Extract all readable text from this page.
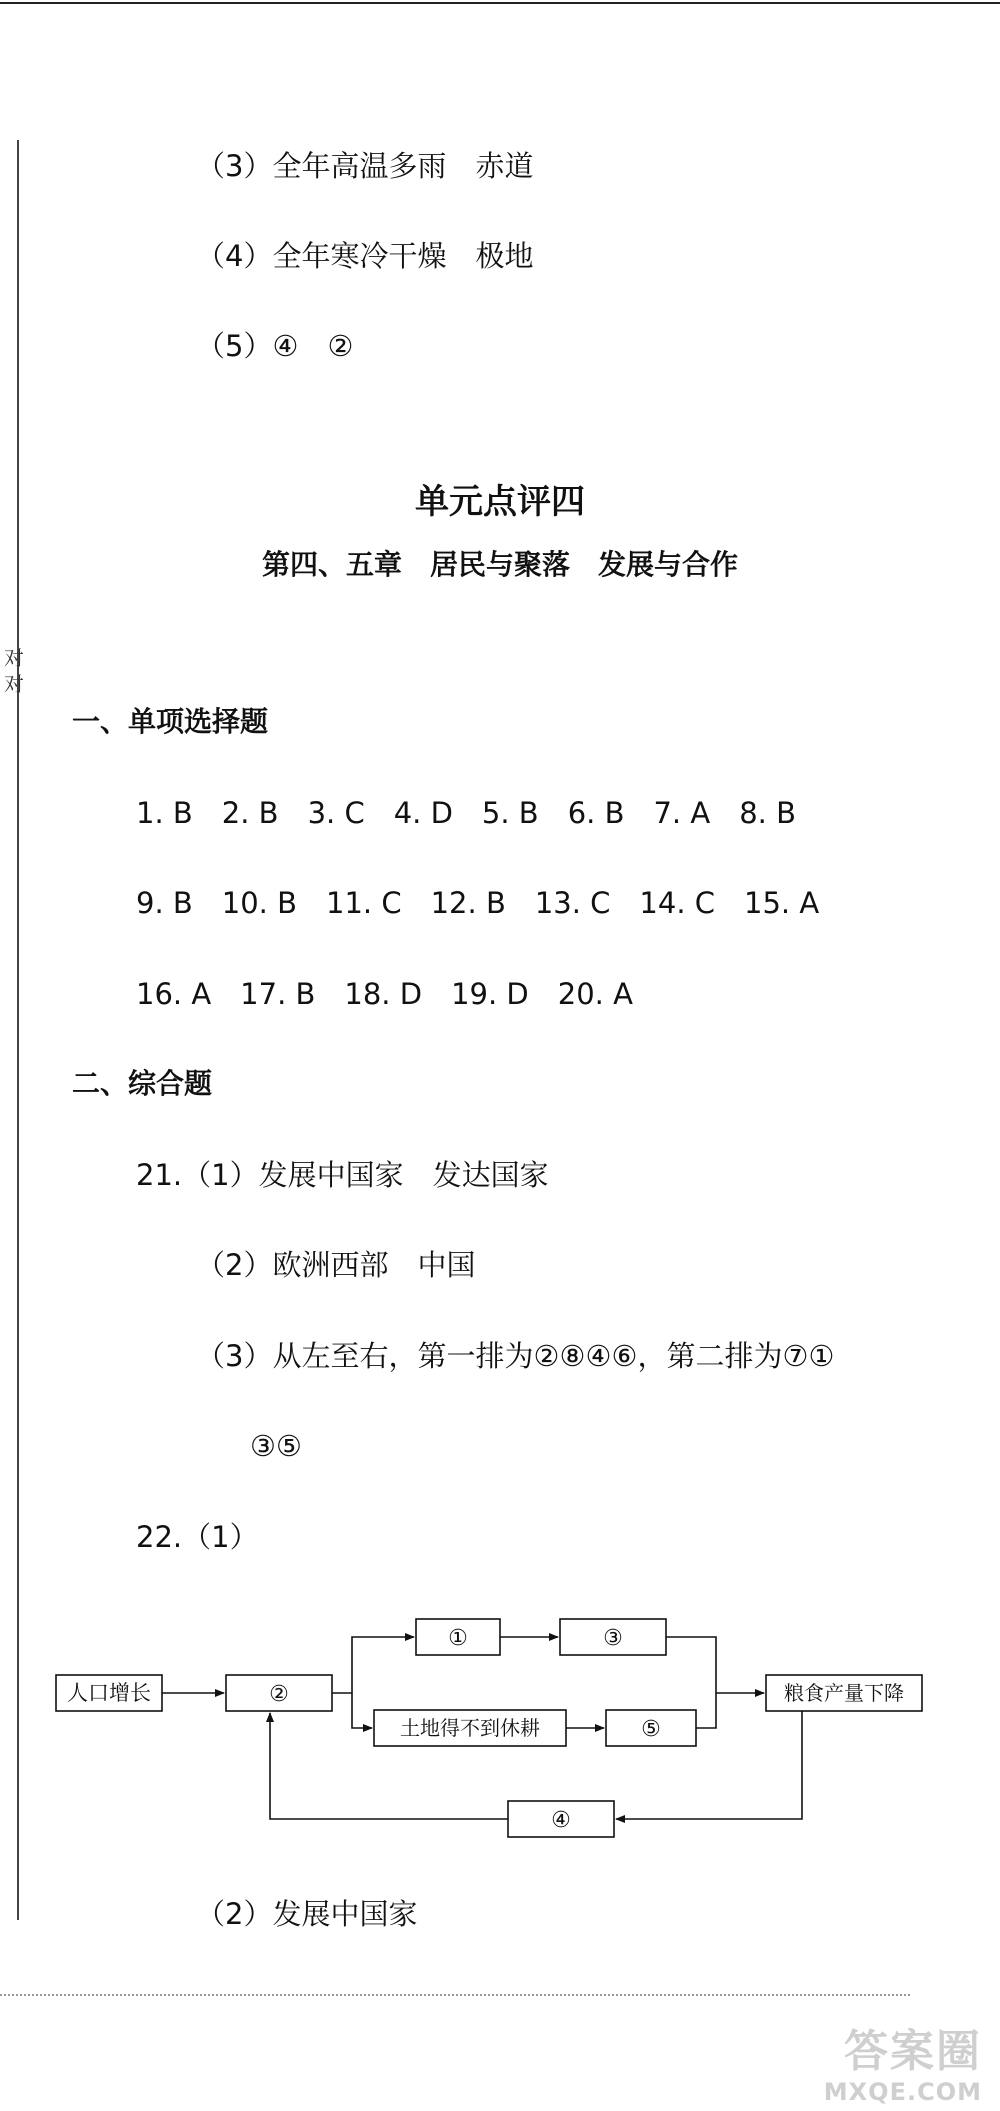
对对
（3）全年高温多雨　赤道
（4）全年寒冷干燥　极地
（5）④　②
单元点评四
第四、五章　居民与聚落　发展与合作
一、单项选择题
1. B　2. B　3. C　4. D　5. B　6. B　7. A　8. B
9. B　10. B　11. C　12. B　13. C　14. C　15. A
16. A　17. B　18. D　19. D　20. A
二、综合题
21.（1）发展中国家　发达国家
（2）欧洲西部　中国
（3）从左至右，第一排为②⑧④⑥，第二排为⑦①
③⑤
22.（1）
人口增长	②
①	③
土地得不到休耕	⑤
粮食产量下降
④
（2）发展中国家
答案圈
MXQE.COM
